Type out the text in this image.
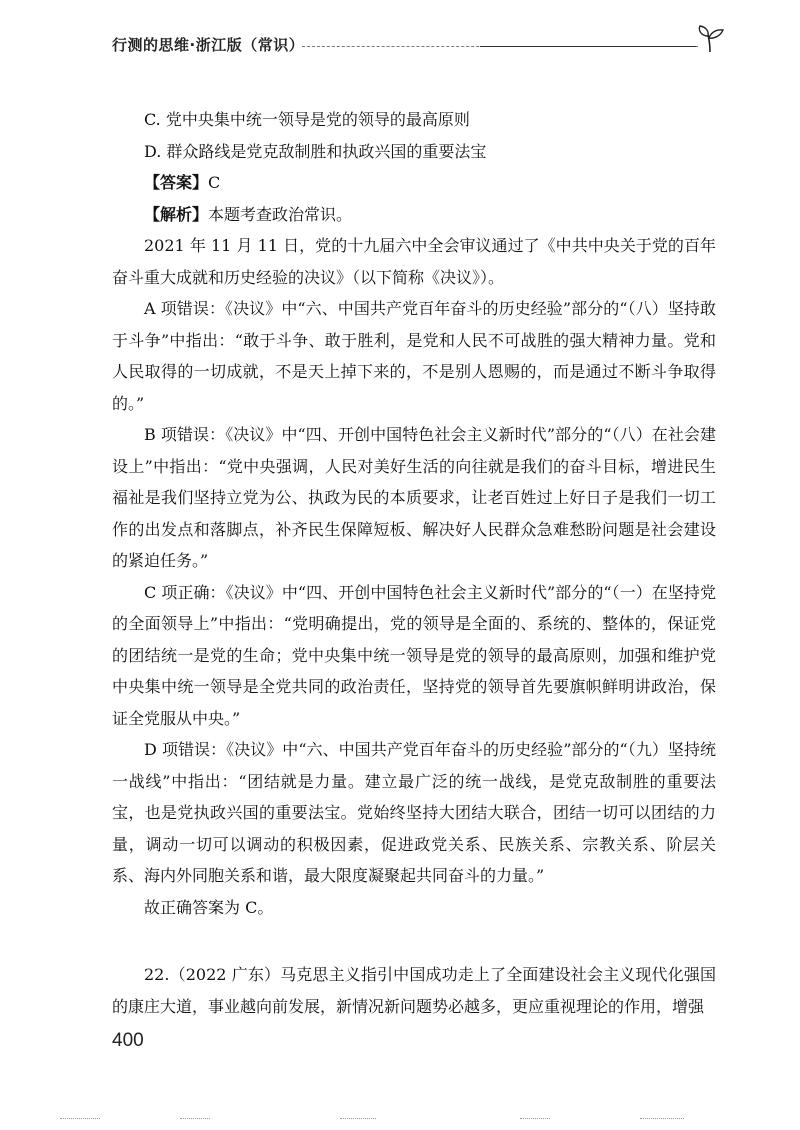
行测的思维·浙江版（常识）

C. 党中央集中统一领导是党的领导的最高原则

D. 群众路线是党克敌制胜和执政兴国的重要法宝

【答案】C

【解析】本题考查政治常识。

2021 年 11 月 11 日，党的十九届六中全会审议通过了《中共中央关于党的百年奋斗重大成就和历史经验的决议》（以下简称《决议》）。

A 项错误：《决议》中“六、中国共产党百年奋斗的历史经验”部分的“（八）坚持敢于斗争”中指出：“敢于斗争、敢于胜利，是党和人民不可战胜的强大精神力量。党和人民取得的一切成就，不是天上掉下来的，不是别人恩赐的，而是通过不断斗争取得的。”

B 项错误：《决议》中“四、开创中国特色社会主义新时代”部分的“（八）在社会建设上”中指出：“党中央强调，人民对美好生活的向往就是我们的奋斗目标，增进民生福祉是我们坚持立党为公、执政为民的本质要求，让老百姓过上好日子是我们一切工作的出发点和落脚点，补齐民生保障短板、解决好人民群众急难愁盼问题是社会建设的紧迫任务。”

C 项正确：《决议》中“四、开创中国特色社会主义新时代”部分的“（一）在坚持党的全面领导上”中指出：“党明确提出，党的领导是全面的、系统的、整体的，保证党的团结统一是党的生命；党中央集中统一领导是党的领导的最高原则，加强和维护党中央集中统一领导是全党共同的政治责任，坚持党的领导首先要旗帜鲜明讲政治，保证全党服从中央。”

D 项错误：《决议》中“六、中国共产党百年奋斗的历史经验”部分的“（九）坚持统一战线”中指出：“团结就是力量。建立最广泛的统一战线，是党克敌制胜的重要法宝，也是党执政兴国的重要法宝。党始终坚持大团结大联合，团结一切可以团结的力量，调动一切可以调动的积极因素，促进政党关系、民族关系、宗教关系、阶层关系、海内外同胞关系和谐，最大限度凝聚起共同奋斗的力量。”

故正确答案为 C。

22.（2022 广东）马克思主义指引中国成功走上了全面建设社会主义现代化强国的康庄大道，事业越向前发展，新情况新问题势必越多，更应重视理论的作用，增强

400
